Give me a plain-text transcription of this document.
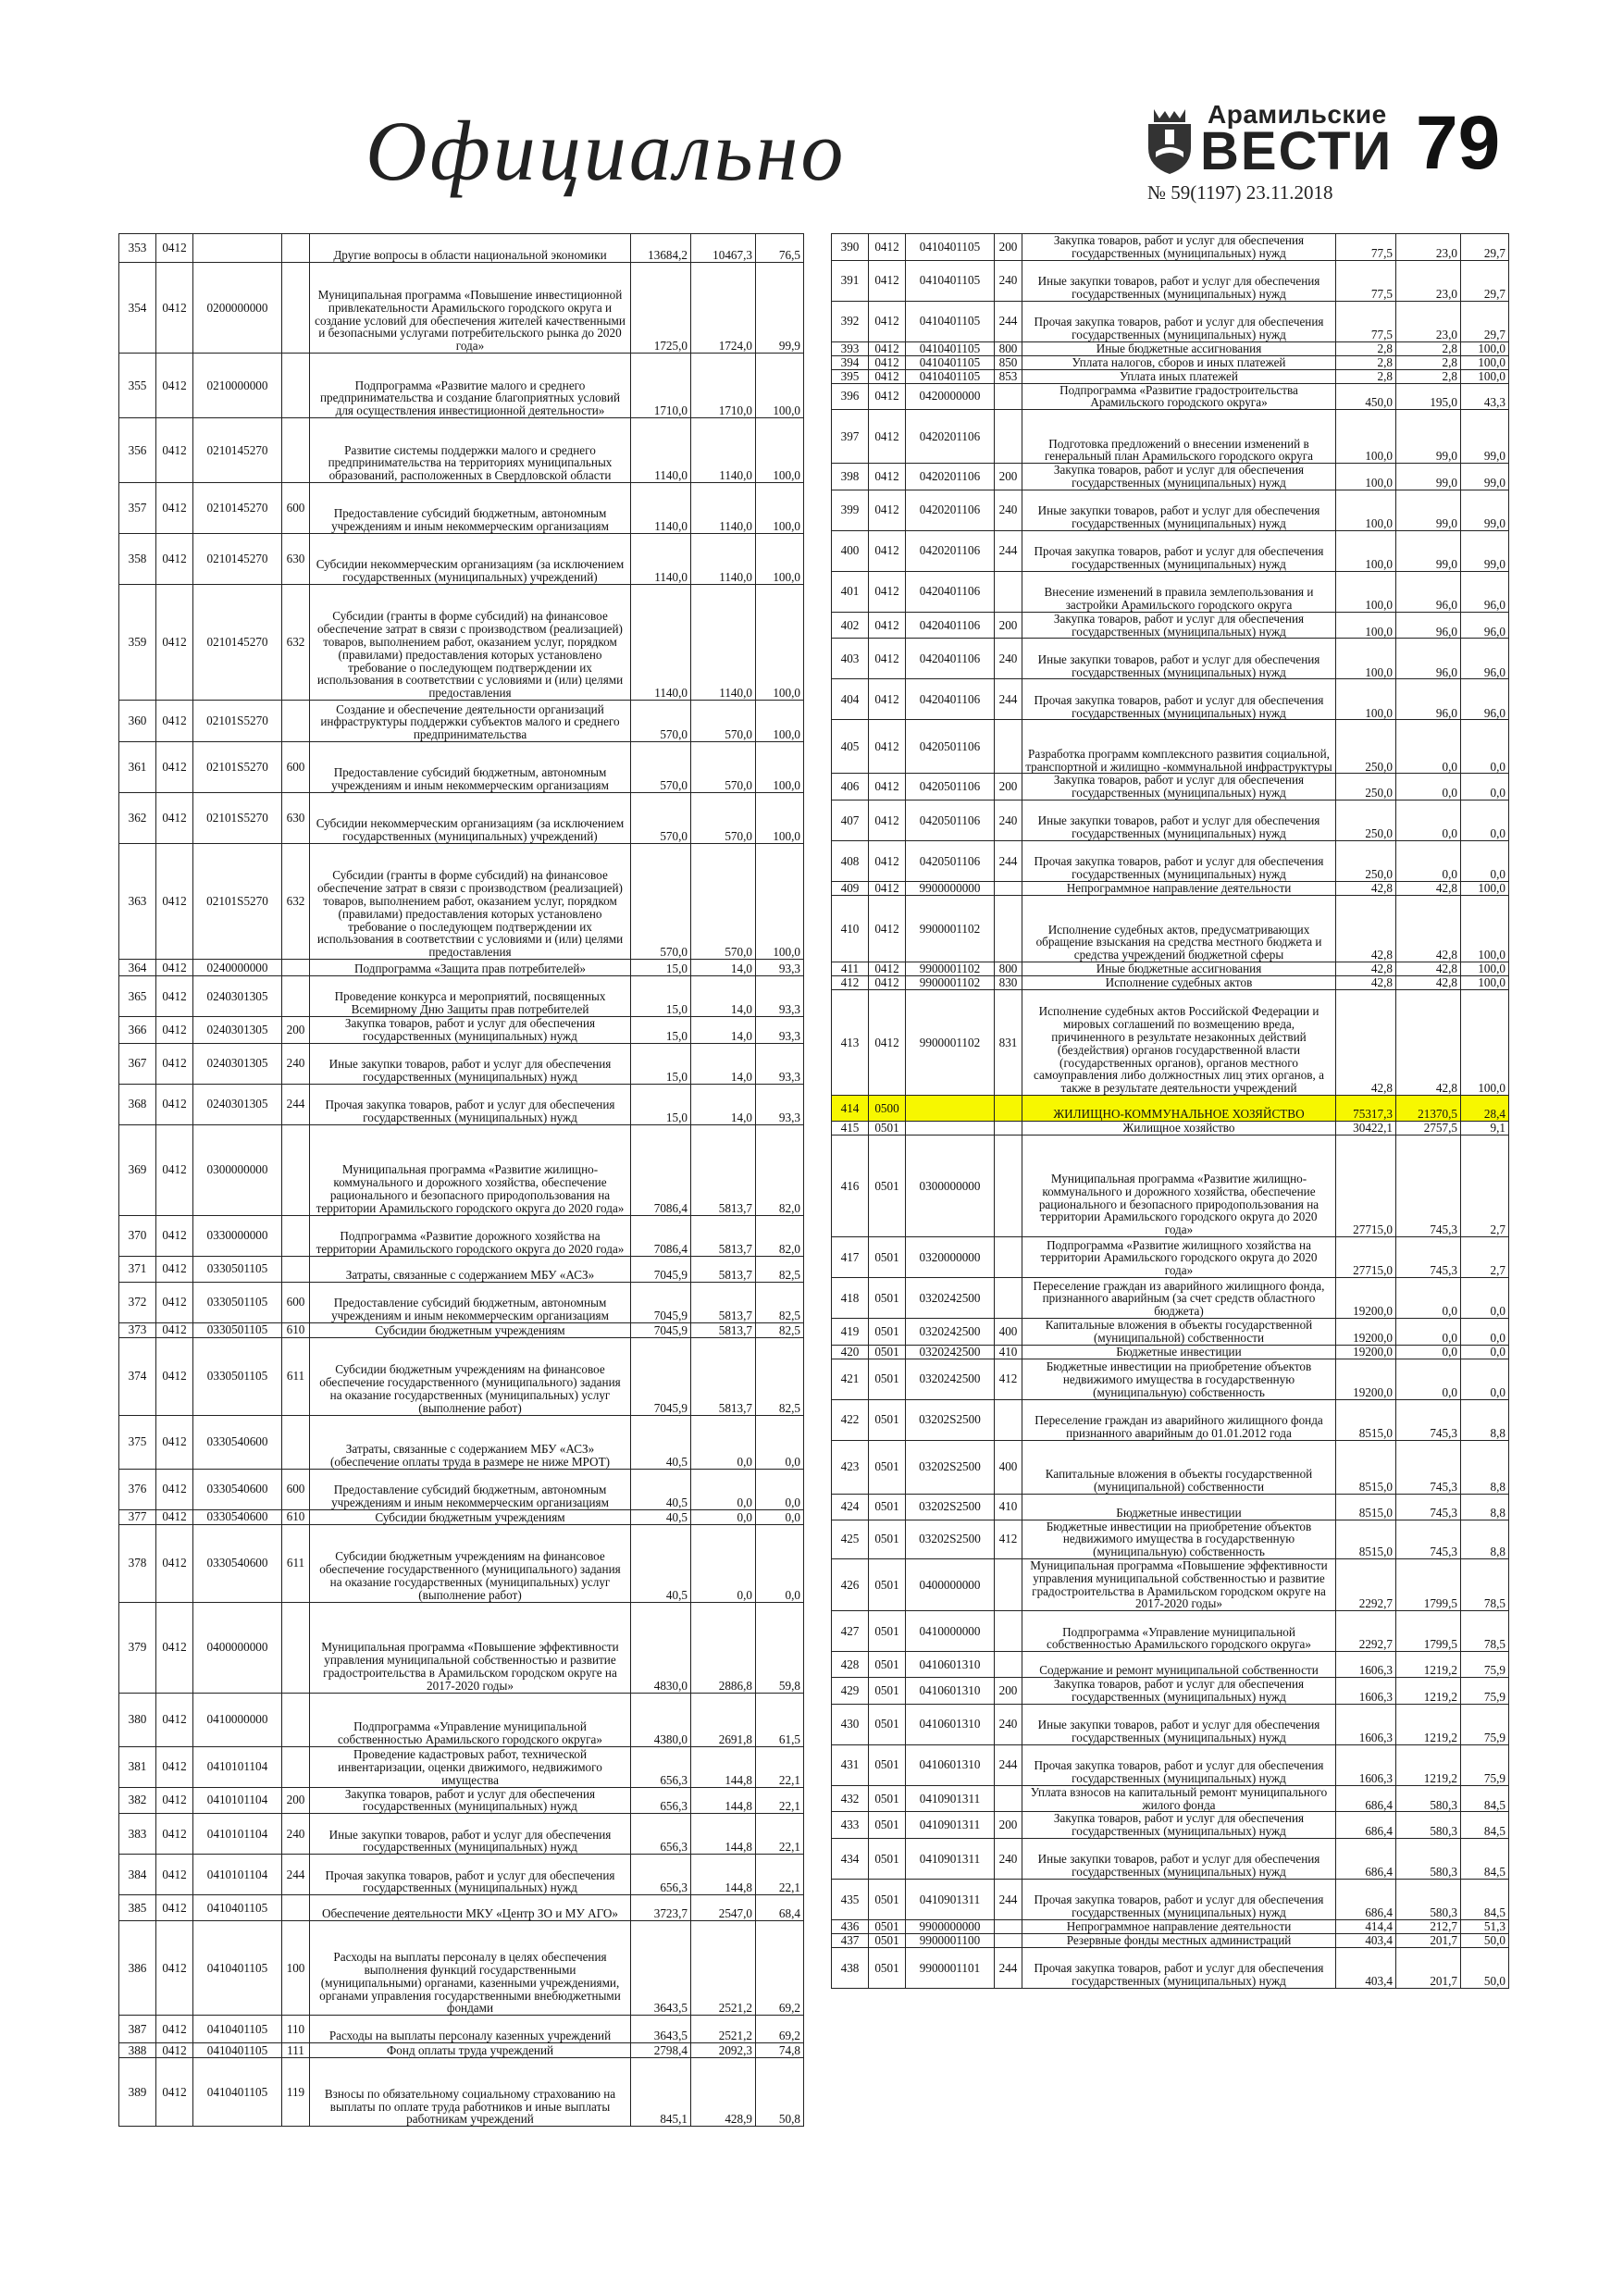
Официально	Арамильские
ВЕСТИ 79
№ 59(1197) 23.11.2018
353	0412			Другие вопросы в области национальной экономики	13684,2	10467,3	76,5
354	0412	0200000000		Муниципальная программа «Повышение инвестиционной привлекательности Арамильского городского округа и создание условий для обеспечения жителей качественными и безопасными услугами потребительского рынка до 2020 года»	1725,0	1724,0	99,9
355	0412	0210000000		Подпрограмма «Развитие малого и среднего предпринимательства и создание благоприятных условий для осуществления инвестиционной деятельности»	1710,0	1710,0	100,0
356	0412	0210145270		Развитие системы поддержки малого и среднего предпринимательства на территориях муниципальных образований, расположенных в Свердловской области	1140,0	1140,0	100,0
357	0412	0210145270	600	Предоставление субсидий бюджетным, автономным учреждениям и иным некоммерческим организациям	1140,0	1140,0	100,0
358	0412	0210145270	630	Субсидии некоммерческим организациям (за исключением государственных (муниципальных) учреждений)	1140,0	1140,0	100,0
359	0412	0210145270	632	Субсидии (гранты в форме субсидий) на финансовое обеспечение затрат в связи с производством (реализацией) товаров, выполнением работ, оказанием услуг, порядком (правилами) предоставления которых установлено требование о последующем подтверждении их использования в соответствии с условиями и (или) целями предоставления	1140,0	1140,0	100,0
360	0412	02101S5270		Создание и обеспечение деятельности организаций инфраструктуры поддержки субъектов малого и среднего предпринимательства	570,0	570,0	100,0
361	0412	02101S5270	600	Предоставление субсидий бюджетным, автономным учреждениям и иным некоммерческим организациям	570,0	570,0	100,0
362	0412	02101S5270	630	Субсидии некоммерческим организациям (за исключением государственных (муниципальных) учреждений)	570,0	570,0	100,0
363	0412	02101S5270	632	Субсидии (гранты в форме субсидий) на финансовое обеспечение затрат в связи с производством (реализацией) товаров, выполнением работ, оказанием услуг, порядком (правилами) предоставления которых установлено требование о последующем подтверждении их использования в соответствии с условиями и (или) целями предоставления	570,0	570,0	100,0
364	0412	0240000000		Подпрограмма «Защита прав потребителей»	15,0	14,0	93,3
365	0412	0240301305		Проведение конкурса и мероприятий, посвященных Всемирному Дню Защиты прав потребителей	15,0	14,0	93,3
366	0412	0240301305	200	Закупка товаров, работ и услуг для обеспечения государственных (муниципальных) нужд	15,0	14,0	93,3
367	0412	0240301305	240	Иные закупки товаров, работ и услуг для обеспечения государственных (муниципальных) нужд	15,0	14,0	93,3
368	0412	0240301305	244	Прочая закупка товаров, работ и услуг для обеспечения государственных (муниципальных) нужд	15,0	14,0	93,3
369	0412	0300000000		Муниципальная программа «Развитие жилищно-коммунального и дорожного хозяйства, обеспечение рационального и безопасного природопользования на территории Арамильского городского округа до 2020 года»	7086,4	5813,7	82,0
370	0412	0330000000		Подпрограмма «Развитие дорожного хозяйства на территории Арамильского городского округа до 2020 года»	7086,4	5813,7	82,0
371	0412	0330501105		Затраты, связанные с содержанием МБУ «АСЗ»	7045,9	5813,7	82,5
372	0412	0330501105	600	Предоставление субсидий бюджетным, автономным учреждениям и иным некоммерческим организациям	7045,9	5813,7	82,5
373	0412	0330501105	610	Субсидии бюджетным учреждениям	7045,9	5813,7	82,5
374	0412	0330501105	611	Субсидии бюджетным учреждениям на финансовое обеспечение государственного (муниципального) задания на оказание государственных (муниципальных) услуг (выполнение работ)	7045,9	5813,7	82,5
375	0412	0330540600		Затраты, связанные с содержанием МБУ «АСЗ» (обеспечение оплаты труда в размере не ниже МРОТ)	40,5	0,0	0,0
376	0412	0330540600	600	Предоставление субсидий бюджетным, автономным учреждениям и иным некоммерческим организациям	40,5	0,0	0,0
377	0412	0330540600	610	Субсидии бюджетным учреждениям	40,5	0,0	0,0
378	0412	0330540600	611	Субсидии бюджетным учреждениям на финансовое обеспечение государственного (муниципального) задания на оказание государственных (муниципальных) услуг (выполнение работ)	40,5	0,0	0,0
379	0412	0400000000		Муниципальная программа «Повышение эффективности управления муниципальной собственностью и развитие градостроительства в Арамильском городском округе на 2017-2020 годы»	4830,0	2886,8	59,8
380	0412	0410000000		Подпрограмма «Управление муниципальной собственностью Арамильского городского округа»	4380,0	2691,8	61,5
381	0412	0410101104		Проведение кадастровых работ, технической инвентаризации, оценки движимого, недвижимого имущества	656,3	144,8	22,1
382	0412	0410101104	200	Закупка товаров, работ и услуг для обеспечения государственных (муниципальных) нужд	656,3	144,8	22,1
383	0412	0410101104	240	Иные закупки товаров, работ и услуг для обеспечения государственных (муниципальных) нужд	656,3	144,8	22,1
384	0412	0410101104	244	Прочая закупка товаров, работ и услуг для обеспечения государственных (муниципальных) нужд	656,3	144,8	22,1
385	0412	0410401105		Обеспечение деятельности МКУ «Центр ЗО и МУ АГО»	3723,7	2547,0	68,4
386	0412	0410401105	100	Расходы на выплаты персоналу в целях обеспечения выполнения функций государственными (муниципальными) органами, казенными учреждениями, органами управления государственными внебюджетными фондами	3643,5	2521,2	69,2
387	0412	0410401105	110	Расходы на выплаты персоналу казенных учреждений	3643,5	2521,2	69,2
388	0412	0410401105	111	Фонд оплаты труда учреждений	2798,4	2092,3	74,8
389	0412	0410401105	119	Взносы по обязательному социальному страхованию на выплаты по оплате труда работников и иные выплаты работникам учреждений	845,1	428,9	50,8
390	0412	0410401105	200	Закупка товаров, работ и услуг для обеспечения государственных (муниципальных) нужд	77,5	23,0	29,7
391	0412	0410401105	240	Иные закупки товаров, работ и услуг для обеспечения государственных (муниципальных) нужд	77,5	23,0	29,7
392	0412	0410401105	244	Прочая закупка товаров, работ и услуг для обеспечения государственных (муниципальных) нужд	77,5	23,0	29,7
393	0412	0410401105	800	Иные бюджетные ассигнования	2,8	2,8	100,0
394	0412	0410401105	850	Уплата налогов, сборов и иных платежей	2,8	2,8	100,0
395	0412	0410401105	853	Уплата иных платежей	2,8	2,8	100,0
396	0412	0420000000		Подпрограмма «Развитие градостроительства Арамильского городского округа»	450,0	195,0	43,3
397	0412	0420201106		Подготовка предложений о внесении изменений в генеральный план Арамильского городского округа	100,0	99,0	99,0
398	0412	0420201106	200	Закупка товаров, работ и услуг для обеспечения государственных (муниципальных) нужд	100,0	99,0	99,0
399	0412	0420201106	240	Иные закупки товаров, работ и услуг для обеспечения государственных (муниципальных) нужд	100,0	99,0	99,0
400	0412	0420201106	244	Прочая закупка товаров, работ и услуг для обеспечения государственных (муниципальных) нужд	100,0	99,0	99,0
401	0412	0420401106		Внесение изменений в правила землепользования и застройки Арамильского городского округа	100,0	96,0	96,0
402	0412	0420401106	200	Закупка товаров, работ и услуг для обеспечения государственных (муниципальных) нужд	100,0	96,0	96,0
403	0412	0420401106	240	Иные закупки товаров, работ и услуг для обеспечения государственных (муниципальных) нужд	100,0	96,0	96,0
404	0412	0420401106	244	Прочая закупка товаров, работ и услуг для обеспечения государственных (муниципальных) нужд	100,0	96,0	96,0
405	0412	0420501106		Разработка программ комплексного развития социальной, транспортной и жилищно -коммунальной инфраструктуры	250,0	0,0	0,0
406	0412	0420501106	200	Закупка товаров, работ и услуг для обеспечения государственных (муниципальных) нужд	250,0	0,0	0,0
407	0412	0420501106	240	Иные закупки товаров, работ и услуг для обеспечения государственных (муниципальных) нужд	250,0	0,0	0,0
408	0412	0420501106	244	Прочая закупка товаров, работ и услуг для обеспечения государственных (муниципальных) нужд	250,0	0,0	0,0
409	0412	9900000000		Непрограммное направление деятельности	42,8	42,8	100,0
410	0412	9900001102		Исполнение судебных актов, предусматривающих обращение взыскания на средства местного бюджета и средства учреждений бюджетной сферы	42,8	42,8	100,0
411	0412	9900001102	800	Иные бюджетные ассигнования	42,8	42,8	100,0
412	0412	9900001102	830	Исполнение судебных актов	42,8	42,8	100,0
413	0412	9900001102	831	Исполнение судебных актов Российской Федерации и мировых соглашений по возмещению вреда, причиненного в результате незаконных действий (бездействия) органов государственной власти (государственных органов), органов местного самоуправления либо должностных лиц этих органов, а также в результате деятельности учреждений	42,8	42,8	100,0
414	0500			ЖИЛИЩНО-КОММУНАЛЬНОЕ ХОЗЯЙСТВО	75317,3	21370,5	28,4
415	0501			Жилищное хозяйство	30422,1	2757,5	9,1
416	0501	0300000000		Муниципальная программа «Развитие жилищно-коммунального и дорожного хозяйства, обеспечение рационального и безопасного природопользования на территории Арамильского городского округа до 2020 года»	27715,0	745,3	2,7
417	0501	0320000000		Подпрограмма «Развитие жилищного хозяйства на территории Арамильского городского округа до 2020 года»	27715,0	745,3	2,7
418	0501	0320242500		Переселение граждан из аварийного жилищного фонда, признанного аварийным (за счет средств областного бюджета)	19200,0	0,0	0,0
419	0501	0320242500	400	Капитальные вложения в объекты государственной (муниципальной) собственности	19200,0	0,0	0,0
420	0501	0320242500	410	Бюджетные инвестиции	19200,0	0,0	0,0
421	0501	0320242500	412	Бюджетные инвестиции на приобретение объектов недвижимого имущества в государственную (муниципальную) собственность	19200,0	0,0	0,0
422	0501	03202S2500		Переселение граждан из аварийного жилищного фонда признанного аварийным до 01.01.2012 года	8515,0	745,3	8,8
423	0501	03202S2500	400	Капитальные вложения в объекты государственной (муниципальной) собственности	8515,0	745,3	8,8
424	0501	03202S2500	410	Бюджетные инвестиции	8515,0	745,3	8,8
425	0501	03202S2500	412	Бюджетные инвестиции на приобретение объектов недвижимого имущества в государственную (муниципальную) собственность	8515,0	745,3	8,8
426	0501	0400000000		Муниципальная программа «Повышение эффективности управления муниципальной собственностью и развитие градостроительства в Арамильском городском округе на 2017-2020 годы»	2292,7	1799,5	78,5
427	0501	0410000000		Подпрограмма «Управление муниципальной собственностью Арамильского городского округа»	2292,7	1799,5	78,5
428	0501	0410601310		Содержание и ремонт муниципальной собственности	1606,3	1219,2	75,9
429	0501	0410601310	200	Закупка товаров, работ и услуг для обеспечения государственных (муниципальных) нужд	1606,3	1219,2	75,9
430	0501	0410601310	240	Иные закупки товаров, работ и услуг для обеспечения государственных (муниципальных) нужд	1606,3	1219,2	75,9
431	0501	0410601310	244	Прочая закупка товаров, работ и услуг для обеспечения государственных (муниципальных) нужд	1606,3	1219,2	75,9
432	0501	0410901311		Уплата взносов на капитальный ремонт муниципального жилого фонда	686,4	580,3	84,5
433	0501	0410901311	200	Закупка товаров, работ и услуг для обеспечения государственных (муниципальных) нужд	686,4	580,3	84,5
434	0501	0410901311	240	Иные закупки товаров, работ и услуг для обеспечения государственных (муниципальных) нужд	686,4	580,3	84,5
435	0501	0410901311	244	Прочая закупка товаров, работ и услуг для обеспечения государственных (муниципальных) нужд	686,4	580,3	84,5
436	0501	9900000000		Непрограммное направление деятельности	414,4	212,7	51,3
437	0501	9900001100		Резервные фонды местных администраций	403,4	201,7	50,0
438	0501	9900001101	244	Прочая закупка товаров, работ и услуг для обеспечения государственных (муниципальных) нужд	403,4	201,7	50,0
